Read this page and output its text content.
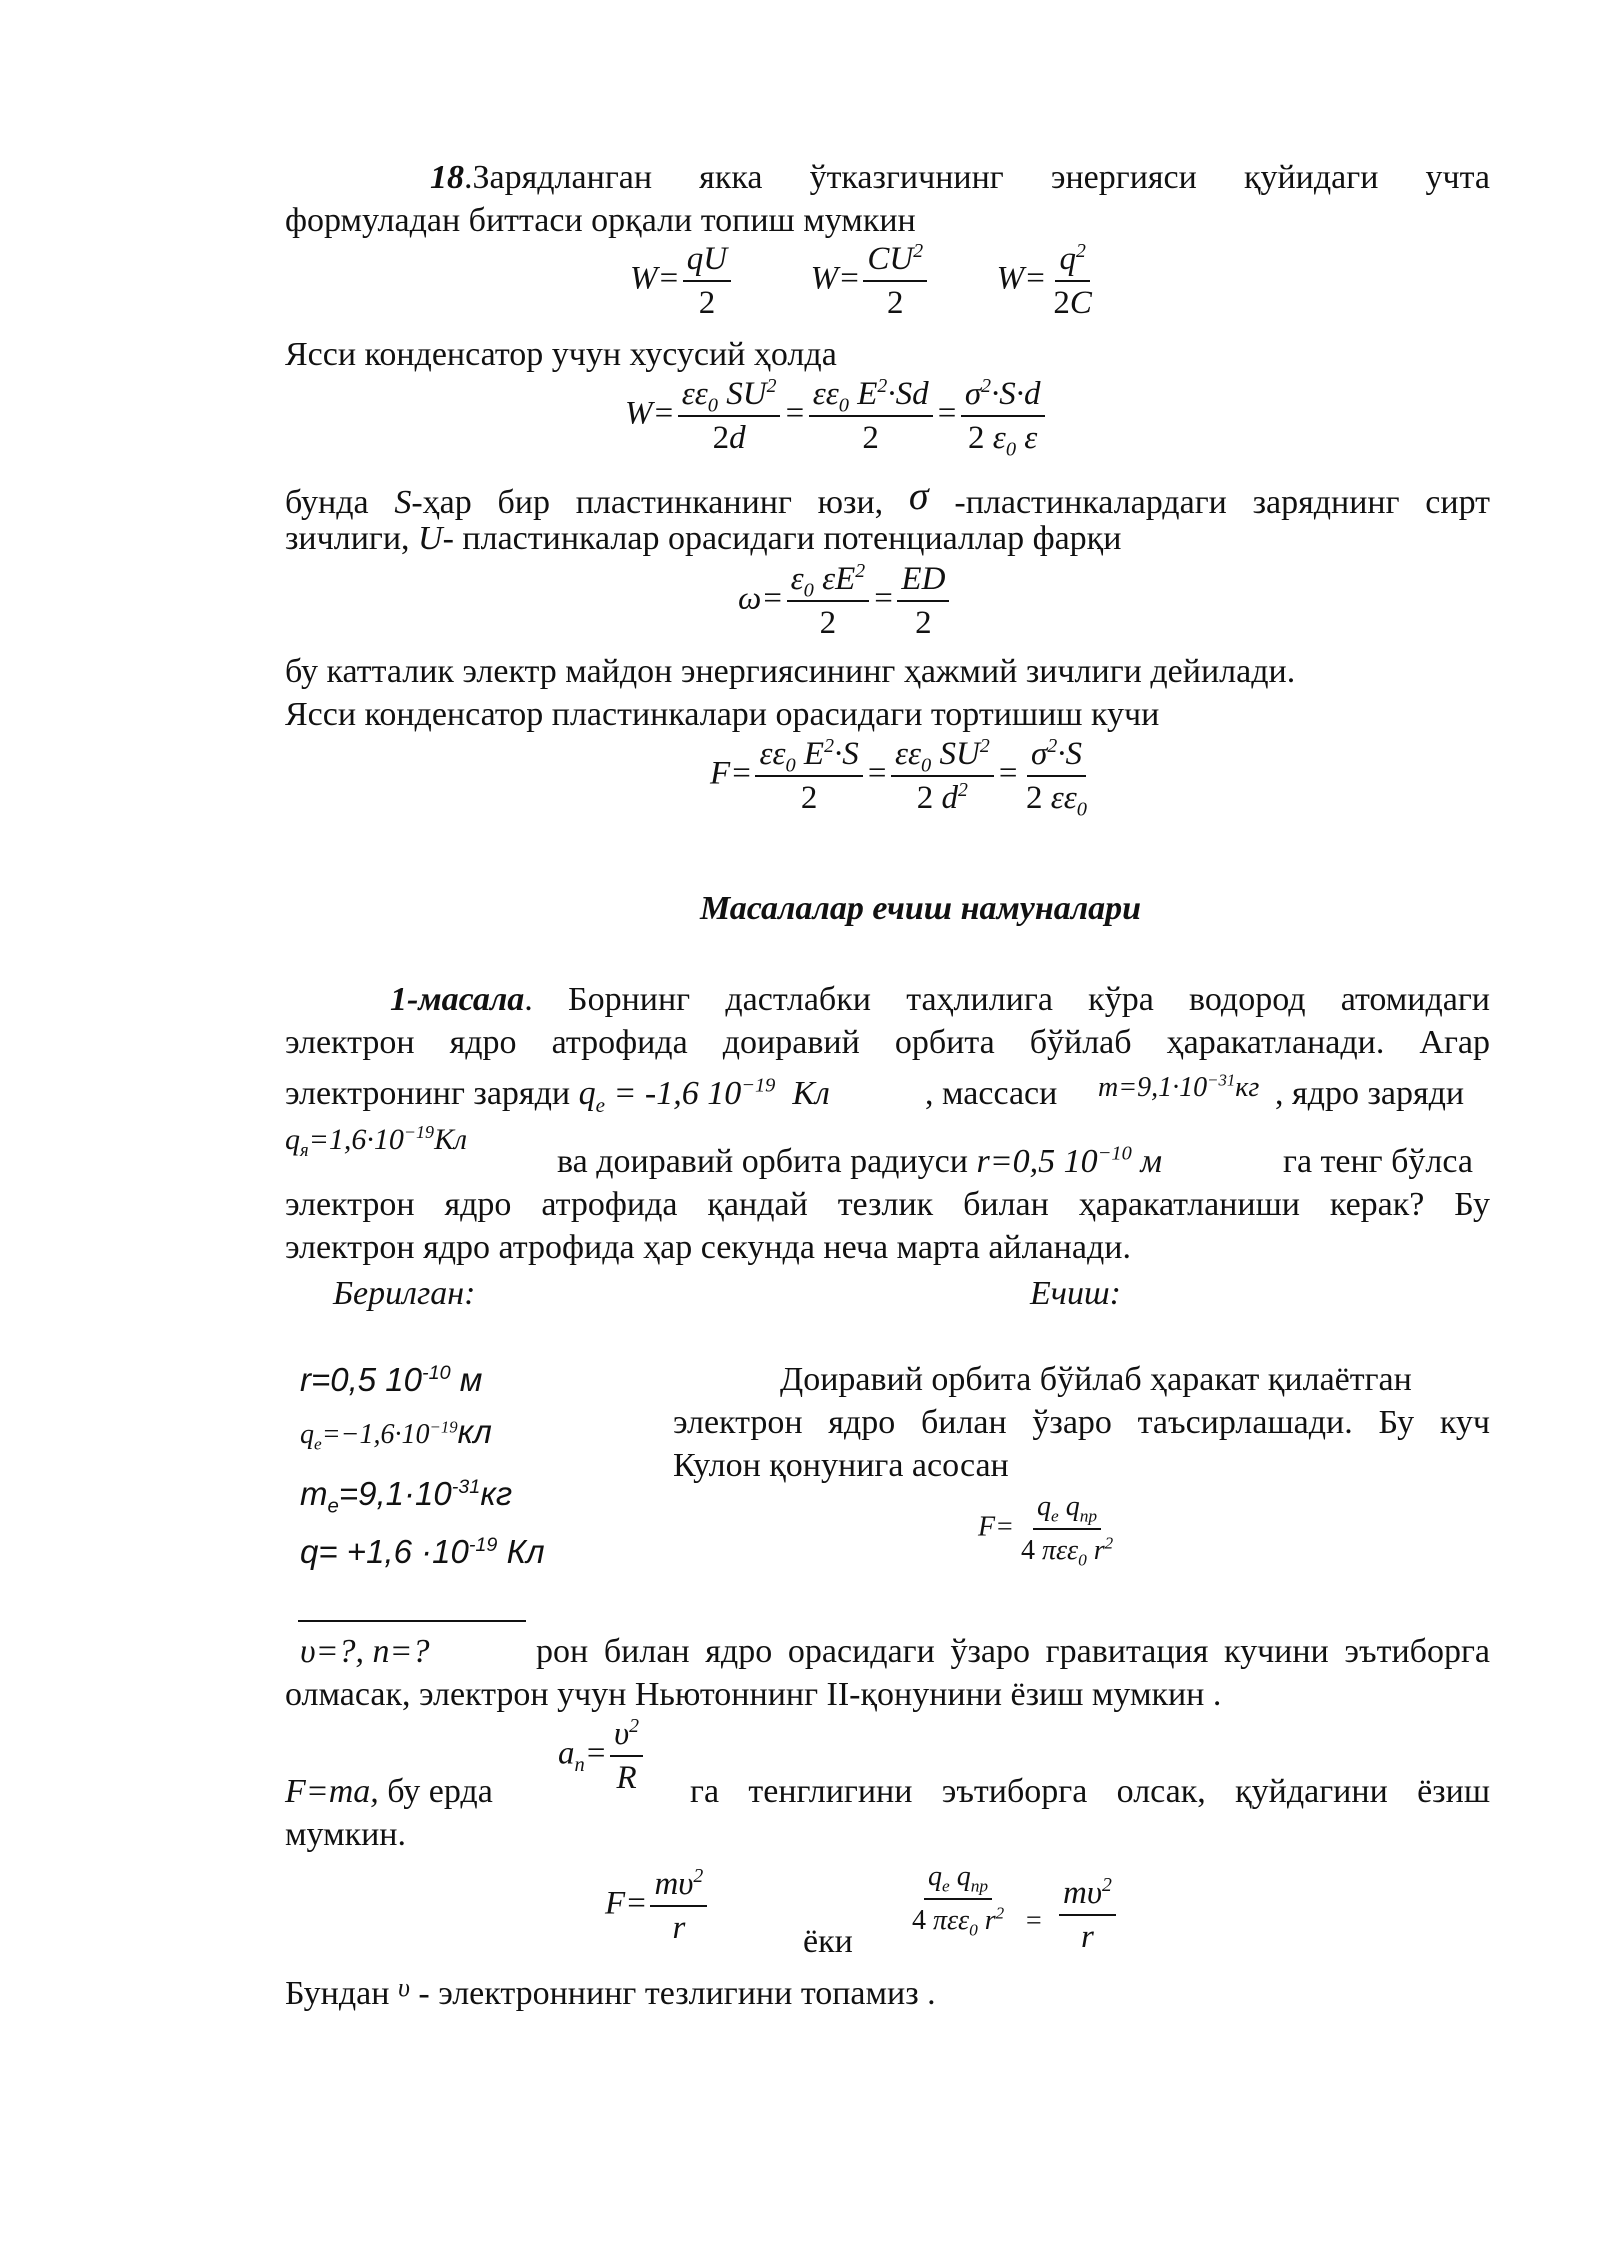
18.Зарядланган якка ўтказгичнинг энергияси қуйидаги учта
формуладан биттаси орқали топиш мумкин
$W= \frac{qU}{2} W= \frac{CU^2}{2} W= \frac{q^2}{2C}$
Ясси конденсатор учун хусусий ҳолда
$W= \frac{\varepsilon\varepsilon_0 SU^2}{2d} = \frac{\varepsilon\varepsilon_0 E^2\cdot Sd}{2} = \frac{\sigma^2\cdot S\cdot d}{2 \varepsilon_0 \varepsilon}$
бунда S-ҳар бир пластинканинг юзи, σ -пластинкалардаги заряднинг сирт
зичлиги, U- пластинкалар орасидаги потенциаллар фарқи
$\omega= \frac{\varepsilon_0 \varepsilon E^2}{2} = \frac{ED}{2}$
бу катталик электр майдон энергиясининг ҳажмий зичлиги дейилади.
Ясси конденсатор пластинкалари орасидаги тортишиш кучи
$F= \frac{\varepsilon\varepsilon_0 E^2\cdot S}{2} = \frac{\varepsilon\varepsilon_0 SU^2}{2 d^2} = \frac{\sigma^2\cdot S}{2 \varepsilon\varepsilon_0}$
Масалалар ечиш намуналари
1-масала. Борнинг дастлабки таҳлилига кўра водород атомидаги
электрон ядро атрофида доиравий орбита бўйлаб ҳаракатланади. Агар
электронинг заряди $q_e = -1,6$ $10^{-19}$ Кл	, массаси $m=9,1\cdot 10^{-31}кг$ , ядро заряди
$q_я=1,6\cdot 10^{-19}Кл$
ва доиравий орбита радиуси r=0,5 $10^{-10}$ м	га тенг бўлса
электрон ядро атрофида қандай тезлик билан ҳаракатланиши керак? Бу
электрон ядро атрофида ҳар секунда неча марта айланади.
Берилган:	Ечиш:
r=0,5 $10^{-10}$ м
$q_e=-1,6\cdot 10^{-19}кл$
$m_e=9,1\cdot 10^{-31}кг$
$q= +1,6 \cdot 10^{-19}$ Кл
Доиравий орбита бўйлаб ҳаракат қилаётган
электрон ядро билан ўзаро таъсирлашади. Бу куч
Кулон қонунига асосан
$F= \frac{q_e q_{пр}}{4 \pi\varepsilon\varepsilon_0 r^2}$
υ=?, n=?	рон билан ядро орасидаги ўзаро гравитация кучини эътиборга
олмасак, электрон учун Ньютоннинг II-қонунини ёзиш мумкин .
$a_n= \frac{\upsilon^2}{R}$
F=ma, бу ерда	га тенглигини эътиборга олсак, қуйдагини ёзиш
мумкин.
$F= \frac{m\upsilon^2}{r}$	ёки
$\frac{q_e q_{пр}}{4 \pi\varepsilon\varepsilon_0 r^2} = \frac{m\upsilon^2}{r}$
Бундан $^\upsilon$ - электроннинг тезлигини топамиз .
